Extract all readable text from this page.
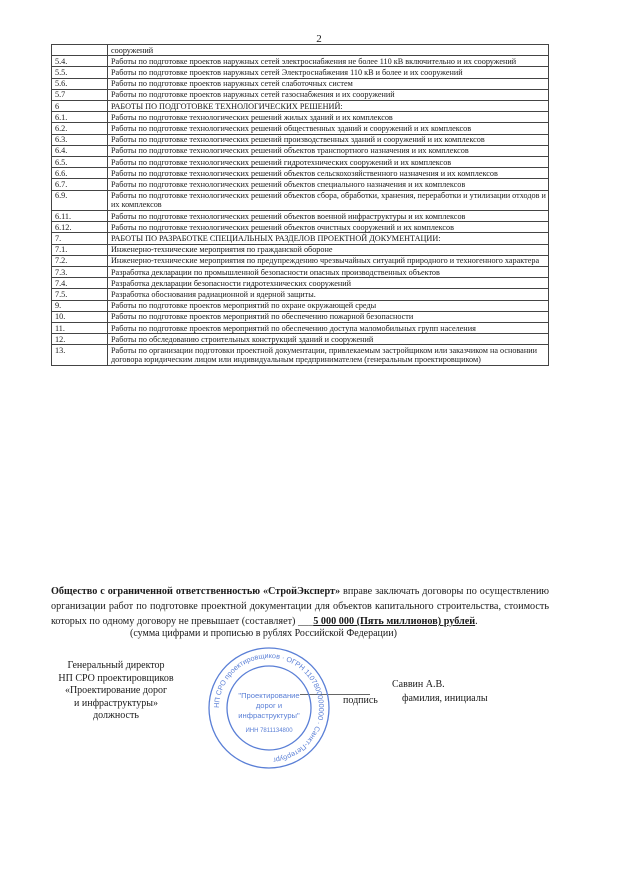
2
	сооружений
5.4.	Работы по подготовке проектов наружных сетей электроснабжения не более 110 кВ включительно и их сооружений
5.5.	Работы по подготовке проектов наружных сетей Электроснабжения 110 кВ и более и их сооружений
5.6.	Работы по подготовке проектов наружных сетей слаботочных систем
5.7	Работы по подготовке проектов наружных сетей газоснабжения и их сооружений
6	РАБОТЫ ПО ПОДГОТОВКЕ ТЕХНОЛОГИЧЕСКИХ РЕШЕНИЙ:
6.1.	Работы по подготовке технологических решений жилых зданий и их комплексов
6.2.	Работы по подготовке технологических решений общественных зданий и сооружений и их комплексов
6.3.	Работы по подготовке технологических решений производственных зданий и сооружений и их комплексов
6.4.	Работы по подготовке технологических решений объектов транспортного назначения и их комплексов
6.5.	Работы по подготовке технологических решений гидротехнических сооружений и их комплексов
6.6.	Работы по подготовке технологических решений объектов сельскохозяйственного назначения и их комплексов
6.7.	Работы по подготовке технологических решений объектов специального назначения и их комплексов
6.9.	Работы по подготовке технологических решений объектов сбора, обработки, хранения, переработки и утилизации отходов и их комплексов
6.11.	Работы по подготовке технологических решений объектов военной инфраструктуры и их комплексов
6.12.	Работы по подготовке технологических решений объектов очистных сооружений и их комплексов
7.	РАБОТЫ ПО РАЗРАБОТКЕ СПЕЦИАЛЬНЫХ РАЗДЕЛОВ ПРОЕКТНОЙ ДОКУМЕНТАЦИИ:
7.1.	Инженерно-технические мероприятия по гражданской обороне
7.2.	Инженерно-технические мероприятия по предупреждению чрезвычайных ситуаций природного и техногенного характера
7.3.	Разработка декларации по промышленной безопасности опасных производственных объектов
7.4.	Разработка декларации безопасности гидротехнических сооружений
7.5.	Разработка обоснования радиационной и ядерной защиты.
9.	Работы по подготовке проектов мероприятий по охране окружающей среды
10.	Работы по подготовке проектов мероприятий по обеспечению пожарной безопасности
11.	Работы по подготовке проектов мероприятий по обеспечению доступа маломобильных групп населения
12.	Работы по обследованию строительных конструкций зданий и сооружений
13.	Работы по организации подготовки проектной документации, привлекаемым застройщиком или заказчиком на основании договора юридическим лицом или индивидуальным предпринимателем (генеральным проектировщиком)
Общество с ограниченной ответственностью «СтройЭксперт» вправе заключать договоры по осуществлению организации работ по подготовке проектной документации для объектов капитального строительства, стоимость которых по одному договору не превышает (составляет) ___5 000 000 (Пять миллионов) рублей.
(сумма цифрами и прописью в рублях Российской Федерации)
Генеральный директор
НП СРО проектировщиков
«Проектирование дорог
и инфраструктуры»
должность
подпись
Саввин А.В.
фамилия, инициалы
НП СРО проектировщиков · ОГРН 1107800000000 · Санкт-Петербург
"Проектирование
дорог и
инфраструктуры"
ИНН 7811134800
